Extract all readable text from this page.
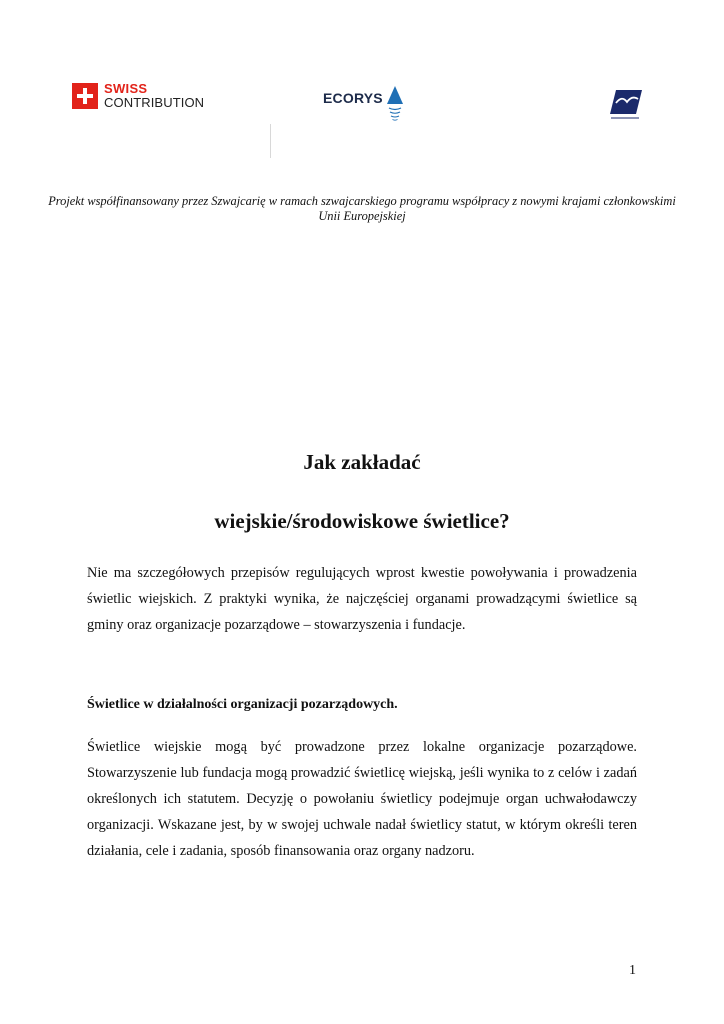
SWISS
CONTRIBUTION	ECORYS
Projekt współfinansowany przez Szwajcarię w ramach szwajcarskiego programu współpracy z nowymi krajami członkowskimi Unii Europejskiej
Jak zakładać
wiejskie/środowiskowe świetlice?

Nie ma szczegółowych przepisów regulujących wprost kwestie powoływania i prowadzenia świetlic wiejskich. Z praktyki wynika, że najczęściej organami prowadzącymi świetlice są gminy oraz organizacje pozarządowe – stowarzyszenia i fundacje.

Świetlice w działalności organizacji pozarządowych.

Świetlice wiejskie mogą być prowadzone przez lokalne organizacje pozarządowe. Stowarzyszenie lub fundacja mogą prowadzić świetlicę wiejską, jeśli wynika to z celów i zadań określonych ich statutem. Decyzję o powołaniu świetlicy podejmuje organ uchwałodawczy organizacji. Wskazane jest, by w swojej uchwale nadał świetlicy statut, w którym określi teren działania, cele i zadania, sposób finansowania oraz organy nadzoru.

1
